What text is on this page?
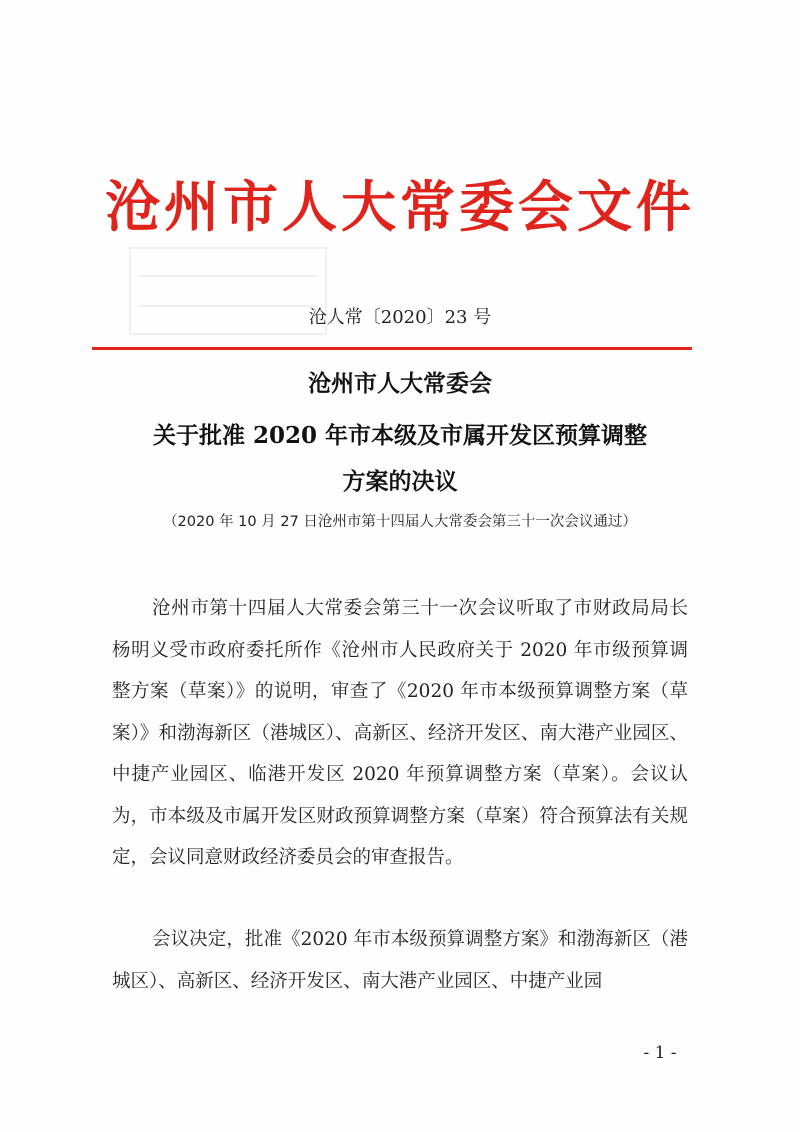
沧州市人大常委会文件
沧人常〔2020〕23 号
沧州市人大常委会
关于批准 2020 年市本级及市属开发区预算调整
方案的决议
（2020 年 10 月 27 日沧州市第十四届人大常委会第三十一次会议通过）
沧州市第十四届人大常委会第三十一次会议听取了市财政局局长杨明义受市政府委托所作《沧州市人民政府关于 2020 年市级预算调整方案（草案）》的说明，审查了《2020 年市本级预算调整方案（草案）》和渤海新区（港城区）、高新区、经济开发区、南大港产业园区、中捷产业园区、临港开发区 2020 年预算调整方案（草案）。会议认为，市本级及市属开发区财政预算调整方案（草案）符合预算法有关规定，会议同意财政经济委员会的审查报告。
会议决定，批准《2020 年市本级预算调整方案》和渤海新区（港城区）、高新区、经济开发区、南大港产业园区、中捷产业园
- 1 -
